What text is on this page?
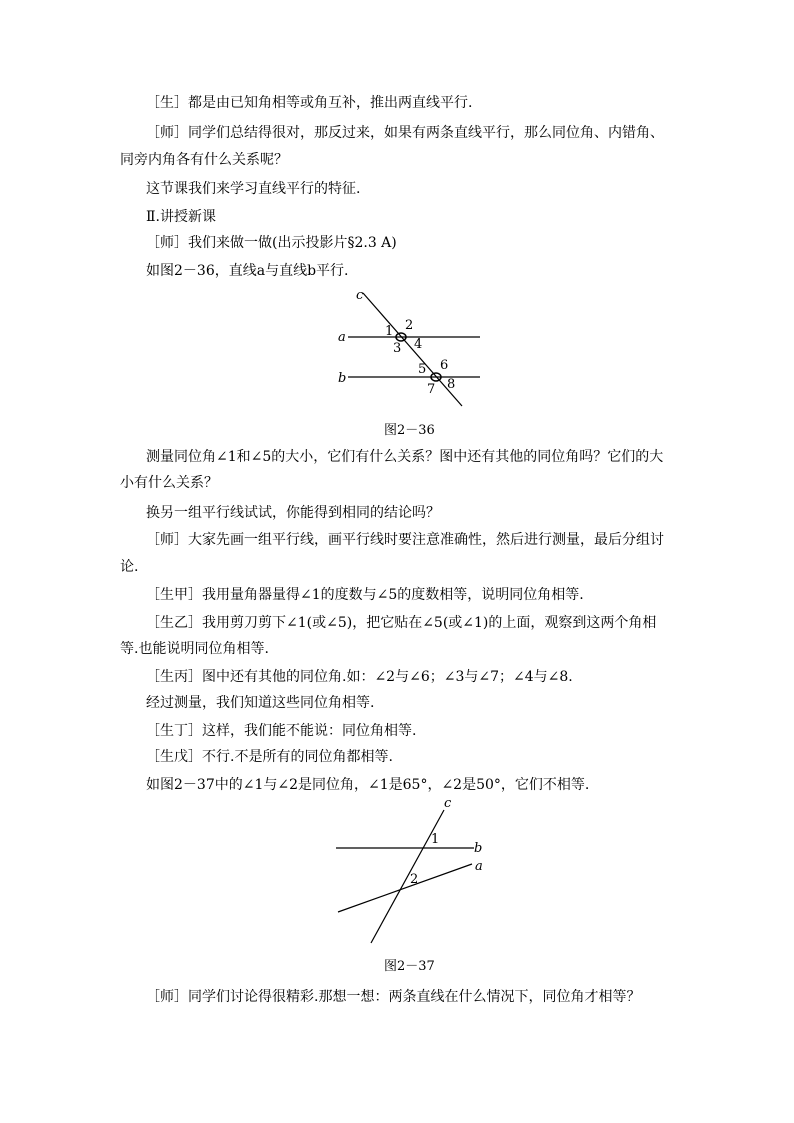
［生］都是由已知角相等或角互补，推出两直线平行.

［师］同学们总结得很对，那反过来，如果有两条直线平行，那么同位角、内错角、

同旁内角各有什么关系呢？

这节课我们来学习直线平行的特征.

Ⅱ.讲授新课

［师］我们来做一做(出示投影片§2.3 A)

如图2－36，直线a与直线b平行.

c
a
b
1 2
3 4
5 6
7 8
图2－36

测量同位角∠1和∠5的大小，它们有什么关系？图中还有其他的同位角吗？它们的大

小有什么关系？

换另一组平行线试试，你能得到相同的结论吗？

［师］大家先画一组平行线，画平行线时要注意准确性，然后进行测量，最后分组讨

论.

［生甲］我用量角器量得∠1的度数与∠5的度数相等，说明同位角相等.

［生乙］我用剪刀剪下∠1(或∠5)，把它贴在∠5(或∠1)的上面，观察到这两个角相

等.也能说明同位角相等.

［生丙］图中还有其他的同位角.如：∠2与∠6；∠3与∠7；∠4与∠8.

经过测量，我们知道这些同位角相等.

［生丁］这样，我们能不能说：同位角相等.

［生戊］不行.不是所有的同位角都相等.

如图2－37中的∠1与∠2是同位角，∠1是65°，∠2是50°，它们不相等.

c
b
a
1
2
图2－37

［师］同学们讨论得很精彩.那想一想：两条直线在什么情况下，同位角才相等？
